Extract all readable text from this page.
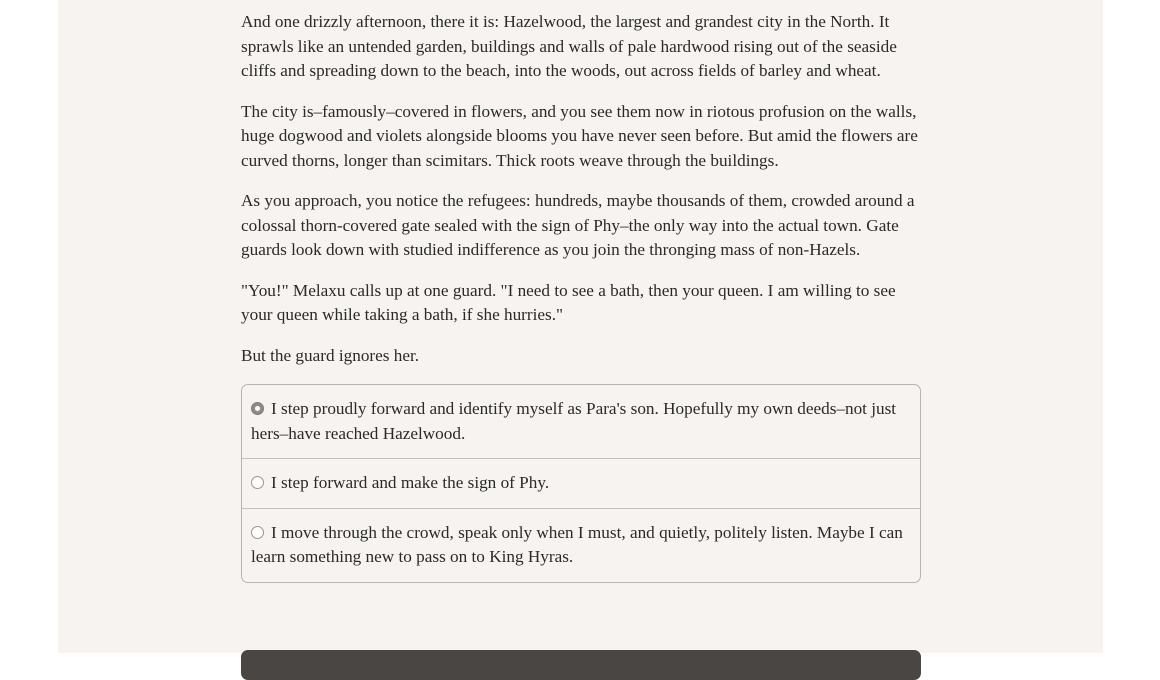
And one drizzly afternoon, there it is: Hazelwood, the largest and grandest city in the North. It sprawls like an untended garden, buildings and walls of pale hardwood rising out of the seaside cliffs and spreading down to the beach, into the woods, out across fields of barley and wheat.

The city is–famously–covered in flowers, and you see them now in riotous profusion on the walls, huge dogwood and violets alongside blooms you have never seen before. But amid the flowers are curved thorns, longer than scimitars. Thick roots weave through the buildings.

As you approach, you notice the refugees: hundreds, maybe thousands of them, crowded around a colossal thorn-covered gate sealed with the sign of Phy–the only way into the actual town. Gate guards look down with studied indifference as you join the thronging mass of non-Hazels.

"You!" Melaxu calls up at one guard. "I need to see a bath, then your queen. I am willing to see your queen while taking a bath, if she hurries."

But the guard ignores her.

I step proudly forward and identify myself as Para's son. Hopefully my own deeds–not just hers–have reached Hazelwood.
I step forward and make the sign of Phy.
I move through the crowd, speak only when I must, and quietly, politely listen. Maybe I can learn something new to pass on to King Hyras.
